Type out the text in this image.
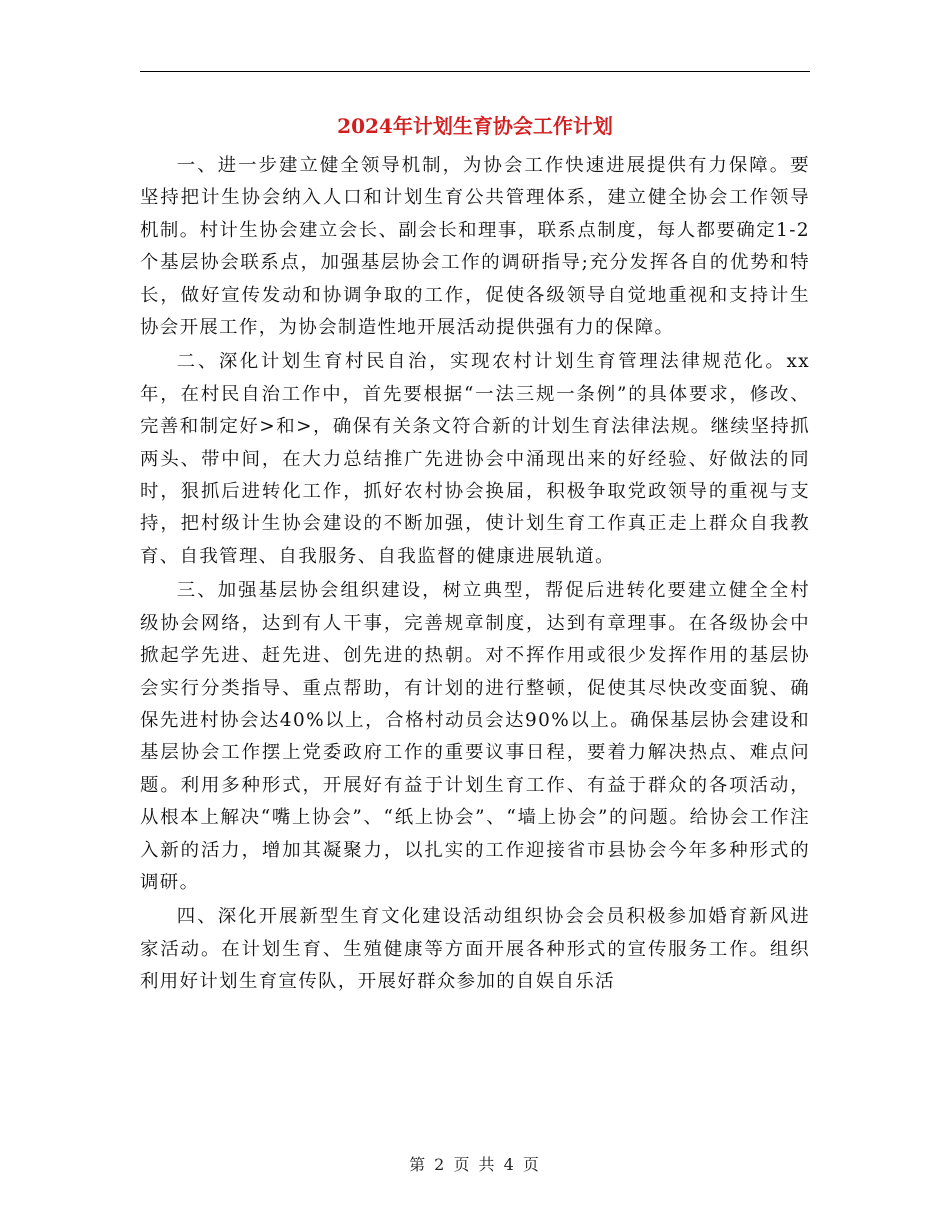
2024年计划生育协会工作计划

一、进一步建立健全领导机制，为协会工作快速进展提供有力保障。要坚持把计生协会纳入人口和计划生育公共管理体系，建立健全协会工作领导机制。村计生协会建立会长、副会长和理事，联系点制度，每人都要确定1-2个基层协会联系点，加强基层协会工作的调研指导;充分发挥各自的优势和特长，做好宣传发动和协调争取的工作，促使各级领导自觉地重视和支持计生协会开展工作，为协会制造性地开展活动提供强有力的保障。

二、深化计划生育村民自治，实现农村计划生育管理法律规范化。xx年，在村民自治工作中，首先要根据“一法三规一条例”的具体要求，修改、完善和制定好>和>，确保有关条文符合新的计划生育法律法规。继续坚持抓两头、带中间，在大力总结推广先进协会中涌现出来的好经验、好做法的同时，狠抓后进转化工作，抓好农村协会换届，积极争取党政领导的重视与支持，把村级计生协会建设的不断加强，使计划生育工作真正走上群众自我教育、自我管理、自我服务、自我监督的健康进展轨道。

三、加强基层协会组织建设，树立典型，帮促后进转化要建立健全全村级协会网络，达到有人干事，完善规章制度，达到有章理事。在各级协会中掀起学先进、赶先进、创先进的热朝。对不挥作用或很少发挥作用的基层协会实行分类指导、重点帮助，有计划的进行整顿，促使其尽快改变面貌、确保先进村协会达40%以上，合格村动员会达90%以上。确保基层协会建设和基层协会工作摆上党委政府工作的重要议事日程，要着力解决热点、难点问题。利用多种形式，开展好有益于计划生育工作、有益于群众的各项活动，从根本上解决“嘴上协会”、“纸上协会”、“墙上协会”的问题。给协会工作注入新的活力，增加其凝聚力，以扎实的工作迎接省市县协会今年多种形式的调研。

四、深化开展新型生育文化建设活动组织协会会员积极参加婚育新风进家活动。在计划生育、生殖健康等方面开展各种形式的宣传服务工作。组织利用好计划生育宣传队，开展好群众参加的自娱自乐活

第 2 页 共 4 页
